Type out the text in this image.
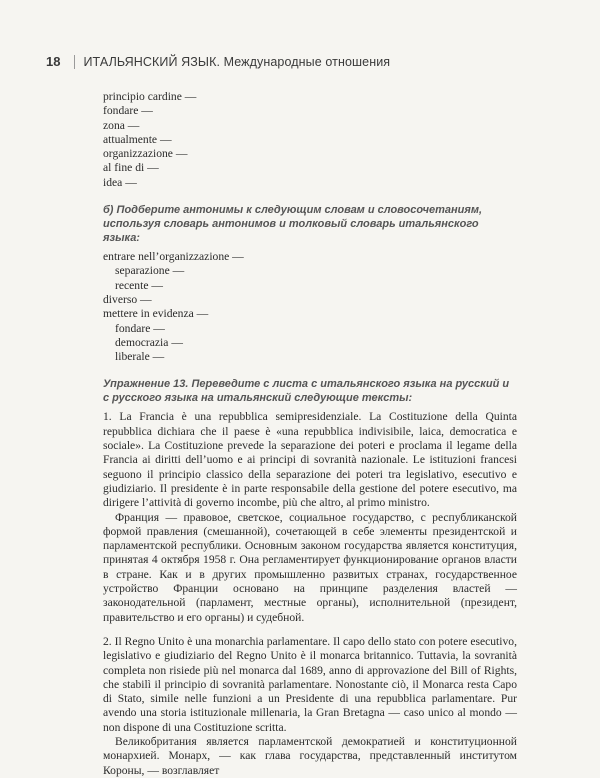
18 ИТАЛЬЯНСКИЙ ЯЗЫК. Международные отношения
principio cardine —
fondare —
zona —
attualmente —
organizzazione —
al fine di —
idea —
б) Подберите антонимы к следующим словам и словосочетаниям, используя словарь антонимов и толковый словарь итальянского языка:
entrare nell’organizzazione —
separazione —
recente —
diverso —
mettere in evidenza —
fondare —
democrazia —
liberale —
Упражнение 13. Переведите с листа с итальянского языка на русский и с русского языка на итальянский следующие тексты:

1. La Francia è una repubblica semipresidenziale. La Costituzione della Quinta repubblica dichiara che il paese è «una repubblica indivisibile, laica, democratica e sociale». La Costituzione prevede la separazione dei poteri e proclama il legame della Francia ai diritti dell’uomo e ai principi di sovranità nazionale. Le istituzioni francesi seguono il principio classico della separazione dei poteri tra legislativo, esecutivo e giudiziario. Il presidente è in parte responsabile della gestione del potere esecutivo, ma dirigere l’attività di governo incombe, più che altro, al primo ministro.

Франция — правовое, светское, социальное государство, с республиканской формой правления (смешанной), сочетающей в себе элементы президентской и парламентской республики. Основным законом государства является конституция, принятая 4 октября 1958 г. Она регламентирует функционирование органов власти в стране. Как и в других промышленно развитых странах, государственное устройство Франции основано на принципе разделения властей — законодательной (парламент, местные органы), исполнительной (президент, правительство и его органы) и судебной.

2. Il Regno Unito è una monarchia parlamentare. Il capo dello stato con potere esecutivo, legislativo e giudiziario del Regno Unito è il monarca britannico. Tuttavia, la sovranità completa non risiede più nel monarca dal 1689, anno di approvazione del Bill of Rights, che stabilì il principio di sovranità parlamentare. Nonostante ciò, il Monarca resta Capo di Stato, simile nelle funzioni a un Presidente di una repubblica parlamentare. Pur avendo una storia istituzionale millenaria, la Gran Bretagna — caso unico al mondo — non dispone di una Costituzione scritta.

Великобритания является парламентской демократией и конституционной монархией. Монарх, — как глава государства, представленный институтом Короны, — возглавляет
